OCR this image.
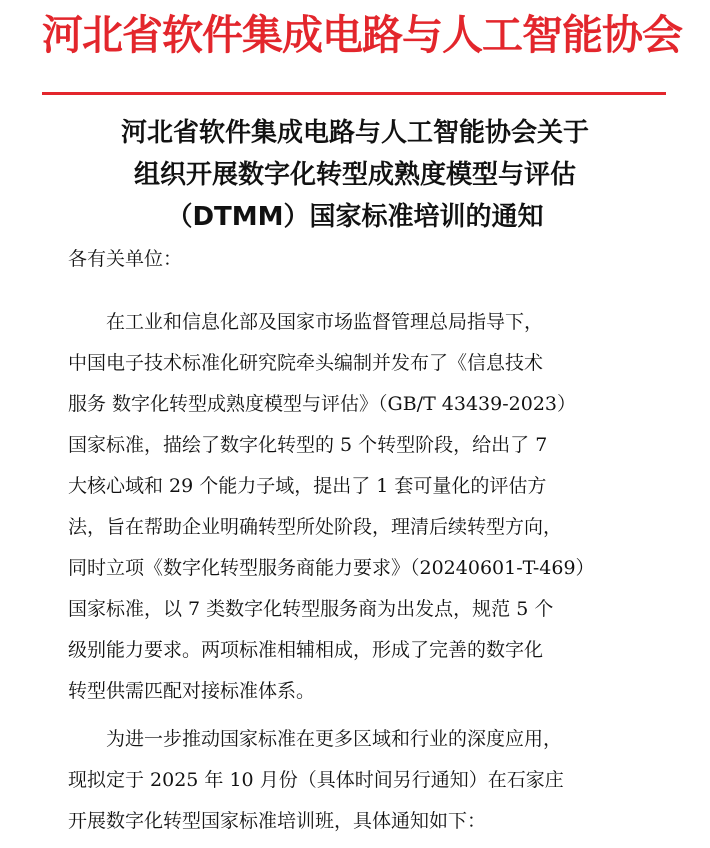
河北省软件集成电路与人工智能协会
河北省软件集成电路与人工智能协会关于
组织开展数字化转型成熟度模型与评估
（DTMM）国家标准培训的通知
各有关单位：
在工业和信息化部及国家市场监督管理总局指导下，
中国电子技术标准化研究院牵头编制并发布了《信息技术
服务 数字化转型成熟度模型与评估》（GB/T 43439-2023）
国家标准，描绘了数字化转型的 5 个转型阶段，给出了 7
大核心域和 29 个能力子域，提出了 1 套可量化的评估方
法，旨在帮助企业明确转型所处阶段，理清后续转型方向，
同时立项《数字化转型服务商能力要求》（20240601-T-469）
国家标准，以 7 类数字化转型服务商为出发点，规范 5 个
级别能力要求。两项标准相辅相成，形成了完善的数字化
转型供需匹配对接标准体系。
为进一步推动国家标准在更多区域和行业的深度应用，
现拟定于 2025 年 10 月份（具体时间另行通知）在石家庄
开展数字化转型国家标准培训班，具体通知如下：
